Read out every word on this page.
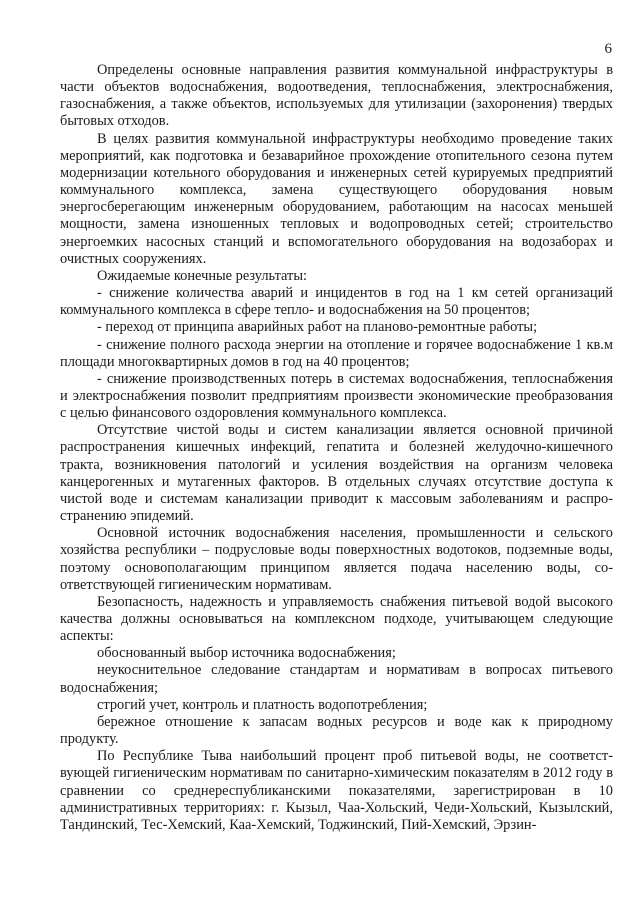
6

Определены основные направления развития коммунальной инфраструктуры в части объектов водоснабжения, водоотведения, теплоснабжения, электроснабжения, газоснабжения, а также объектов, используемых для утилизации (захоронения) твердых бытовых отходов.

В целях развития коммунальной инфраструктуры необходимо проведение таких мероприятий, как подготовка и безаварийное прохождение отопительного сезона путем модернизации котельного оборудования и инженерных сетей курируемых предприятий коммунального комплекса, замена существующего оборудования новым энергосберегающим инженерным оборудованием, работающим на насосах меньшей мощности, замена изношенных тепловых и водопроводных сетей; строительство энергоемких насосных станций и вспомогательного оборудования на водозаборах и очистных сооружениях.

Ожидаемые конечные результаты:

- снижение количества аварий и инцидентов в год на 1 км сетей организаций коммунального комплекса в сфере тепло- и водоснабжения на 50 процентов;

- переход от принципа аварийных работ на планово-ремонтные работы;

- снижение полного расхода энергии на отопление и горячее водоснабжение 1 кв.м площади многоквартирных домов в год на 40 процентов;

- снижение производственных потерь в системах водоснабжения, теплоснабжения и электроснабжения позволит предприятиям произвести экономические преобразования с целью финансового оздоровления коммунального комплекса.

Отсутствие чистой воды и систем канализации является основной причиной распространения кишечных инфекций, гепатита и болезней желудочно-кишечного тракта, возникновения патологий и усиления воздействия на организм человека канцерогенных и мутагенных факторов. В отдельных случаях отсутствие доступа к чистой воде и системам канализации приводит к массовым заболеваниям и распространению эпидемий.

Основной источник водоснабжения населения, промышленности и сельского хозяйства республики – подрусловые воды поверхностных водотоков, подземные воды, поэтому основополагающим принципом является подача населению воды, соответствующей гигиеническим нормативам.

Безопасность, надежность и управляемость снабжения питьевой водой высокого качества должны основываться на комплексном подходе, учитывающем следующие аспекты:

обоснованный выбор источника водоснабжения;

неукоснительное следование стандартам и нормативам в вопросах питьевого водоснабжения;

строгий учет, контроль и платность водопотребления;

бережное отношение к запасам водных ресурсов и воде как к природному продукту.

По Республике Тыва наибольший процент проб питьевой воды, не соответствующей гигиеническим нормативам по санитарно-химическим показателям в 2012 году в сравнении со среднереспубликанскими показателями, зарегистрирован в 10 административных территориях: г. Кызыл, Чаа-Хольский, Чеди-Хольский, Кызылский, Тандинский, Тес-Хемский, Каа-Хемский, Тоджинский, Пий-Хемский, Эрзин-
